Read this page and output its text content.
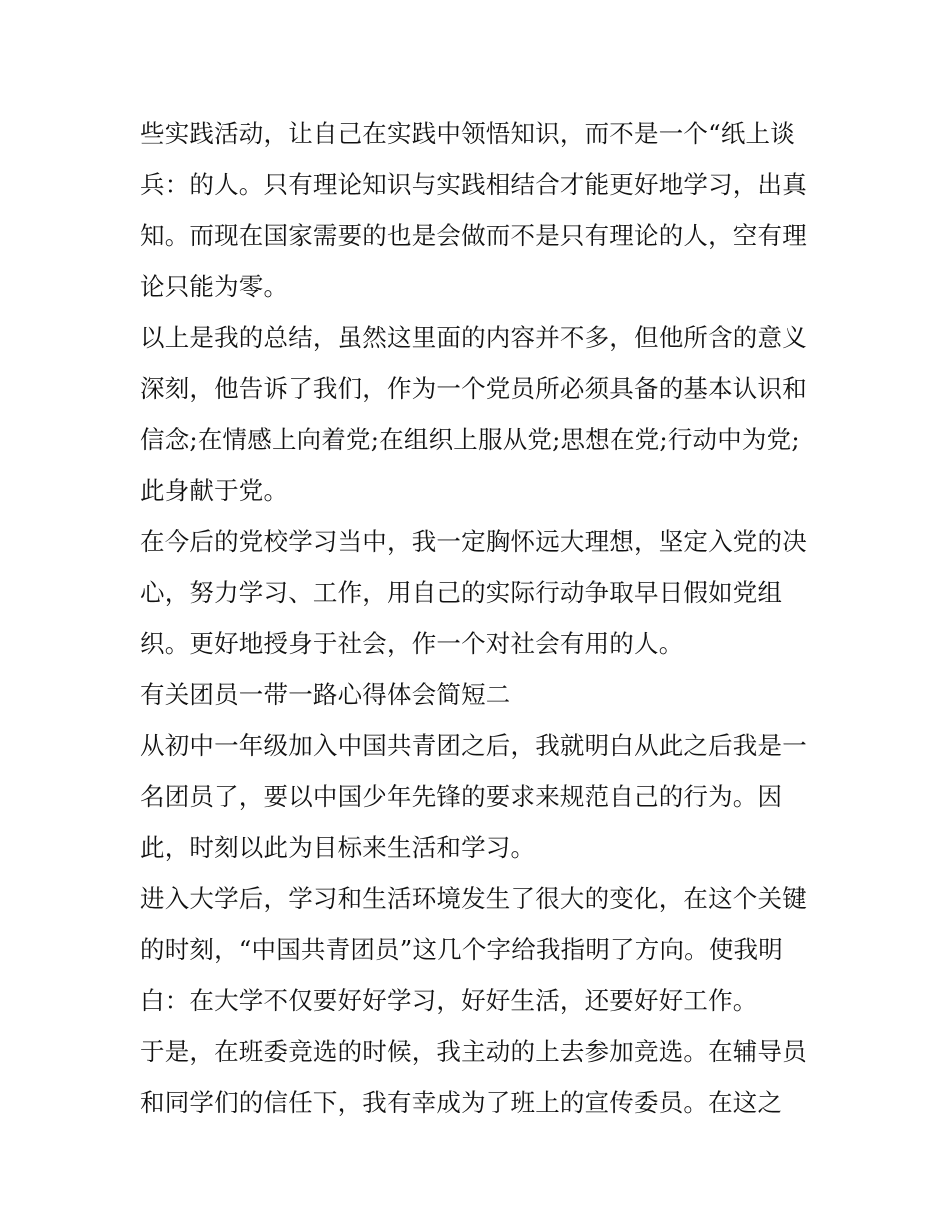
些实践活动，让自己在实践中领悟知识，而不是一个“纸上谈
兵：的人。只有理论知识与实践相结合才能更好地学习，出真
知。而现在国家需要的也是会做而不是只有理论的人，空有理
论只能为零。
以上是我的总结，虽然这里面的内容并不多，但他所含的意义
深刻，他告诉了我们，作为一个党员所必须具备的基本认识和
信念;在情感上向着党;在组织上服从党;思想在党;行动中为党;
此身献于党。
在今后的党校学习当中，我一定胸怀远大理想，坚定入党的决
心，努力学习、工作，用自己的实际行动争取早日假如党组
织。更好地授身于社会，作一个对社会有用的人。
有关团员一带一路心得体会简短二
从初中一年级加入中国共青团之后，我就明白从此之后我是一
名团员了，要以中国少年先锋的要求来规范自己的行为。因
此，时刻以此为目标来生活和学习。
进入大学后，学习和生活环境发生了很大的变化，在这个关键
的时刻，“中国共青团员”这几个字给我指明了方向。使我明
白：在大学不仅要好好学习，好好生活，还要好好工作。
于是，在班委竞选的时候，我主动的上去参加竞选。在辅导员
和同学们的信任下，我有幸成为了班上的宣传委员。在这之
